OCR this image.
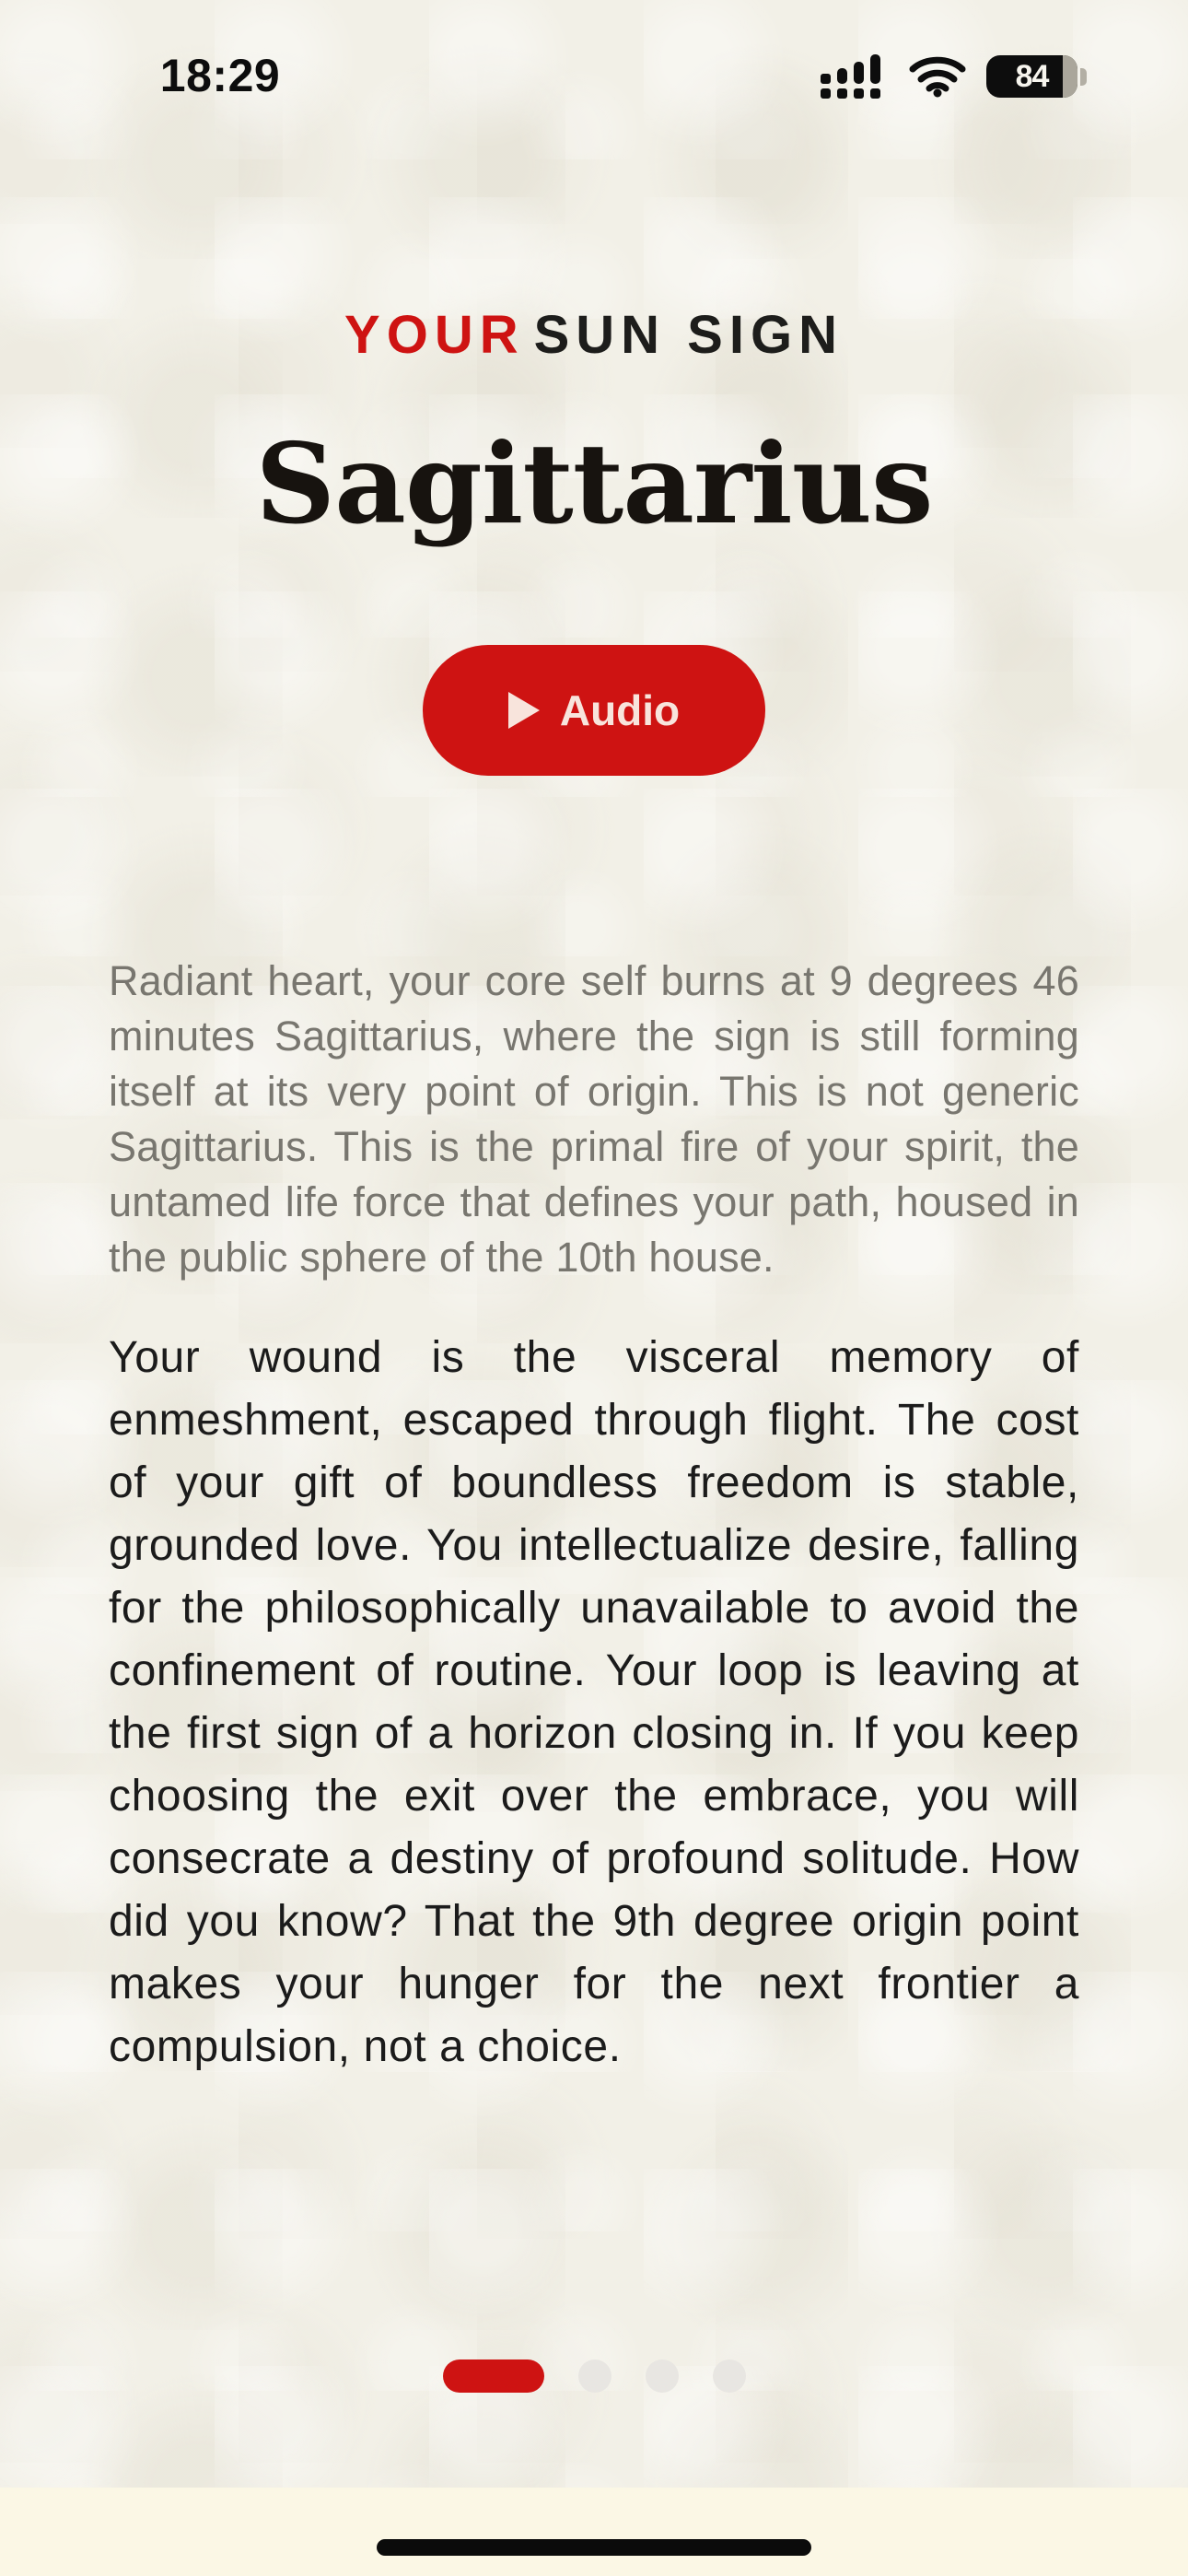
18:29	84
YOUR SUN SIGN
Sagittarius
Audio

Radiant heart, your core self burns at 9 degrees 46 minutes Sagittarius, where the sign is still forming itself at its very point of origin. This is not generic Sagittarius. This is the primal fire of your spirit, the untamed life force that defines your path, housed in the public sphere of the 10th house.

Your wound is the visceral memory of enmeshment, escaped through flight. The cost of your gift of boundless freedom is stable, grounded love. You intellectualize desire, falling for the philosophically unavailable to avoid the confinement of routine. Your loop is leaving at the first sign of a horizon closing in. If you keep choosing the exit over the embrace, you will consecrate a destiny of profound solitude. How did you know? That the 9th degree origin point makes your hunger for the next frontier a compulsion, not a choice.
